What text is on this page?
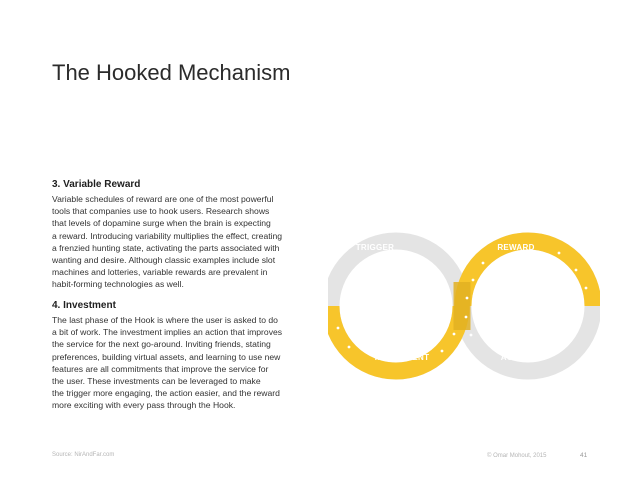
The Hooked Mechanism
3. Variable Reward
Variable schedules of reward are one of the most powerful
tools that companies use to hook users. Research shows
that levels of dopamine surge when the brain is expecting
a reward. Introducing variability multiplies the effect, creating
a frenzied hunting state, activating the parts associated with
wanting and desire. Although classic examples include slot
machines and lotteries, variable rewards are prevalent in
habit-forming technologies as well.
4. Investment
The last phase of the Hook is where the user is asked to do
a bit of work. The investment implies an action that improves
the service for the next go-around. Inviting friends, stating
preferences, building virtual assets, and learning to use new
features are all commitments that improve the service for
the user. These investments can be leveraged to make
the trigger more engaging, the action easier, and the reward
more exciting with every pass through the Hook.
TRIGGER	REWARD
INVESTMENT	ACTION
Source: NirAndFar.com	© Omar Mohout, 2015	41
